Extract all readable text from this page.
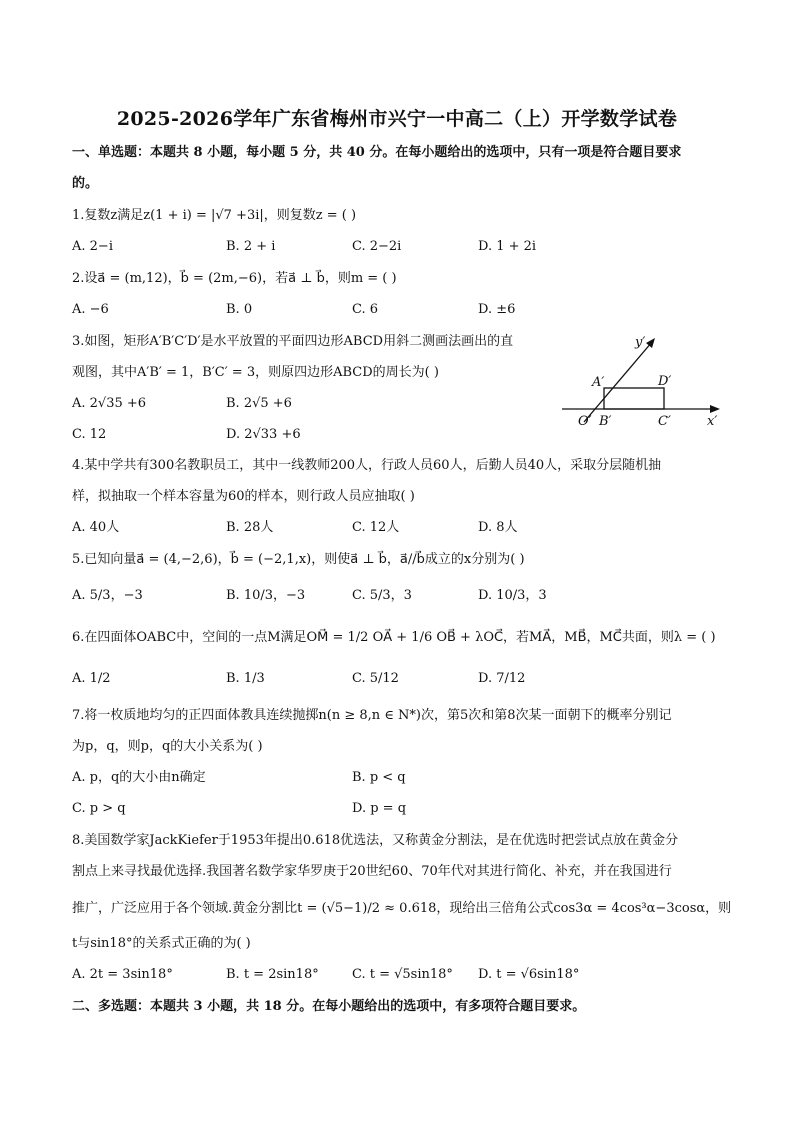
2025-2026学年广东省梅州市兴宁一中高二（上）开学数学试卷
一、单选题：本题共 8 小题，每小题 5 分，共 40 分。在每小题给出的选项中，只有一项是符合题目要求
的。
1.复数z满足z(1 + i) = |√7 +3i|，则复数z = ( )
A. 2−i	B. 2 + i	C. 2−2i	D. 1 + 2i
2.设a⃗ = (m,12)，b⃗ = (2m,−6)，若a⃗ ⊥ b⃗，则m = ( )
A. −6	B. 0	C. 6	D. ±6
3.如图，矩形A′B′C′D′是水平放置的平面四边形ABCD用斜二测画法画出的直
观图，其中A′B′ = 1，B′C′ = 3，则原四边形ABCD的周长为( )
A. 2√35 +6	B. 2√5 +6
C. 12	D. 2√33 +6
y′
x′
A′	D′
O′ B′	C′
4.某中学共有300名教职员工，其中一线教师200人，行政人员60人，后勤人员40人，采取分层随机抽
样，拟抽取一个样本容量为60的样本，则行政人员应抽取( )
A. 40人	B. 28人	C. 12人	D. 8人
5.已知向量a⃗ = (4,−2,6)，b⃗ = (−2,1,x)，则使a⃗ ⊥ b⃗，a⃗//b⃗成立的x分别为( )
A. 5/3，−3	B. 10/3，−3	C. 5/3，3	D. 10/3，3
6.在四面体OABC中，空间的一点M满足OM⃗ = 1/2 OA⃗ + 1/6 OB⃗ + λOC⃗，若MA⃗，MB⃗，MC⃗共面，则λ = ( )
A. 1/2	B. 1/3	C. 5/12	D. 7/12
7.将一枚质地均匀的正四面体教具连续抛掷n(n ≥ 8,n ∈ N*)次，第5次和第8次某一面朝下的概率分别记
为p，q，则p，q的大小关系为( )
A. p，q的大小由n确定	B. p < q
C. p > q	D. p = q
8.美国数学家JackKiefer于1953年提出0.618优选法，又称黄金分割法，是在优选时把尝试点放在黄金分
割点上来寻找最优选择.我国著名数学家华罗庚于20世纪60、70年代对其进行简化、补充，并在我国进行
推广，广泛应用于各个领域.黄金分割比t = (√5−1)/2 ≈ 0.618，现给出三倍角公式cos3α = 4cos³α−3cosα，则
t与sin18°的关系式正确的为( )
A. 2t = 3sin18°	B. t = 2sin18°	C. t = √5sin18° D. t = √6sin18°
二、多选题：本题共 3 小题，共 18 分。在每小题给出的选项中，有多项符合题目要求。
